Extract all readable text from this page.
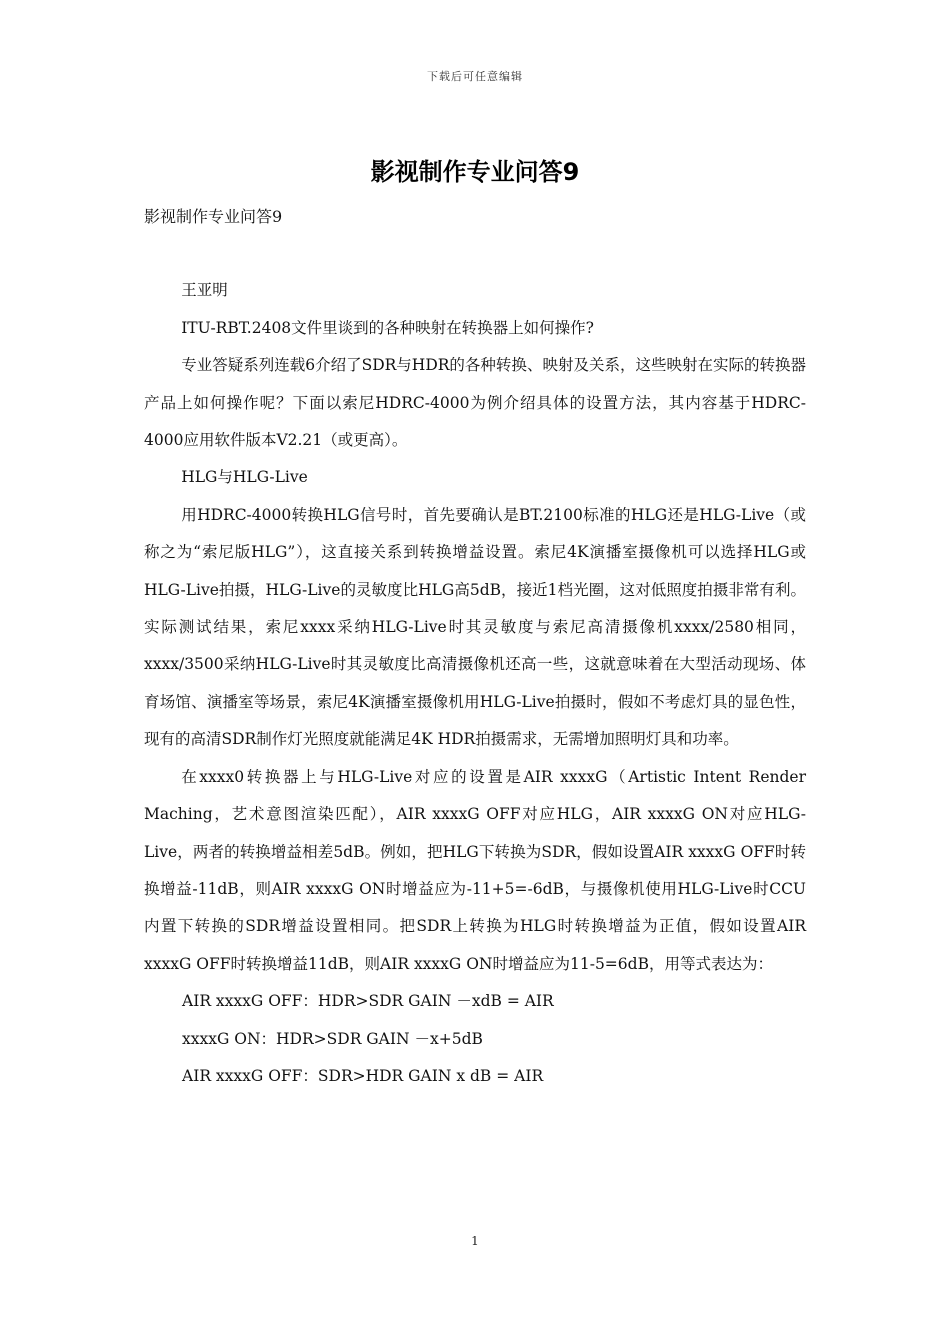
下载后可任意编辑
影视制作专业问答9

影视制作专业问答9

王亚明

ITU-RBT.2408文件里谈到的各种映射在转换器上如何操作?

专业答疑系列连载6介绍了SDR与HDR的各种转换、映射及关系，这些映射在实际的转换器产品上如何操作呢？下面以索尼HDRC-4000为例介绍具体的设置方法，其内容基于HDRC-4000应用软件版本V2.21（或更高）。

HLG与HLG-Live

用HDRC-4000转换HLG信号时，首先要确认是BT.2100标准的HLG还是HLG-Live（或称之为“索尼版HLG”），这直接关系到转换增益设置。索尼4K演播室摄像机可以选择HLG或HLG-Live拍摄，HLG-Live的灵敏度比HLG高5dB，接近1档光圈，这对低照度拍摄非常有利。实际测试结果，索尼xxxx采纳HLG-Live时其灵敏度与索尼高清摄像机xxxx/2580相同，xxxx/3500采纳HLG-Live时其灵敏度比高清摄像机还高一些，这就意味着在大型活动现场、体育场馆、演播室等场景，索尼4K演播室摄像机用HLG-Live拍摄时，假如不考虑灯具的显色性，现有的高清SDR制作灯光照度就能满足4K HDR拍摄需求，无需增加照明灯具和功率。

在xxxx0转换器上与HLG-Live对应的设置是AIR xxxxG（Artistic Intent Render Maching，艺术意图渲染匹配），AIR xxxxG OFF对应HLG，AIR xxxxG ON对应HLG-Live，两者的转换增益相差5dB。例如，把HLG下转换为SDR，假如设置AIR xxxxG OFF时转换增益-11dB，则AIR xxxxG ON时增益应为-11+5=-6dB，与摄像机使用HLG-Live时CCU内置下转换的SDR增益设置相同。把SDR上转换为HLG时转换增益为正值，假如设置AIR xxxxG OFF时转换增益11dB，则AIR xxxxG ON时增益应为11-5=6dB，用等式表达为：

AIR xxxxG OFF：HDR>SDR GAIN －xdB = AIR

xxxxG ON：HDR>SDR GAIN －x+5dB

AIR xxxxG OFF：SDR>HDR GAIN x dB = AIR

1
